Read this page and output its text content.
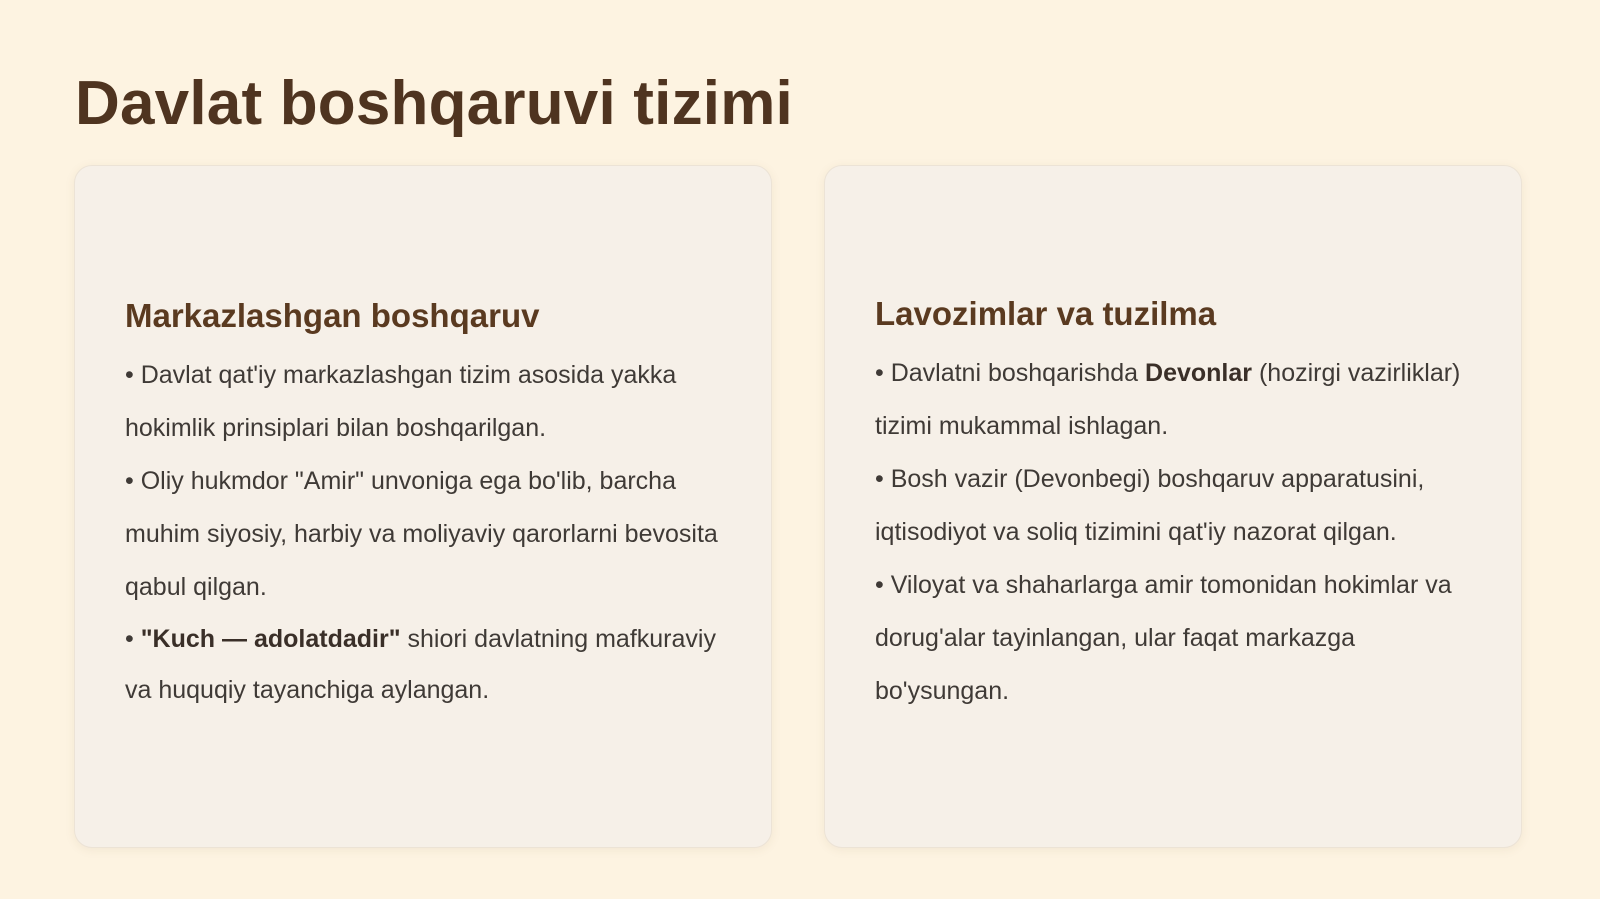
Davlat boshqaruvi tizimi
Markazlashgan boshqaruv
• Davlat qat'iy markazlashgan tizim asosida yakka hokimlik prinsiplari bilan boshqarilgan.
• Oliy hukmdor "Amir" unvoniga ega bo'lib, barcha muhim siyosiy, harbiy va moliyaviy qarorlarni bevosita qabul qilgan.
• "Kuch — adolatdadir" shiori davlatning mafkuraviy va huquqiy tayanchiga aylangan.
Lavozimlar va tuzilma
• Davlatni boshqarishda Devonlar (hozirgi vazirliklar) tizimi mukammal ishlagan.
• Bosh vazir (Devonbegi) boshqaruv apparatusini, iqtisodiyot va soliq tizimini qat'iy nazorat qilgan.
• Viloyat va shaharlarga amir tomonidan hokimlar va dorug'alar tayinlangan, ular faqat markazga bo'ysungan.
